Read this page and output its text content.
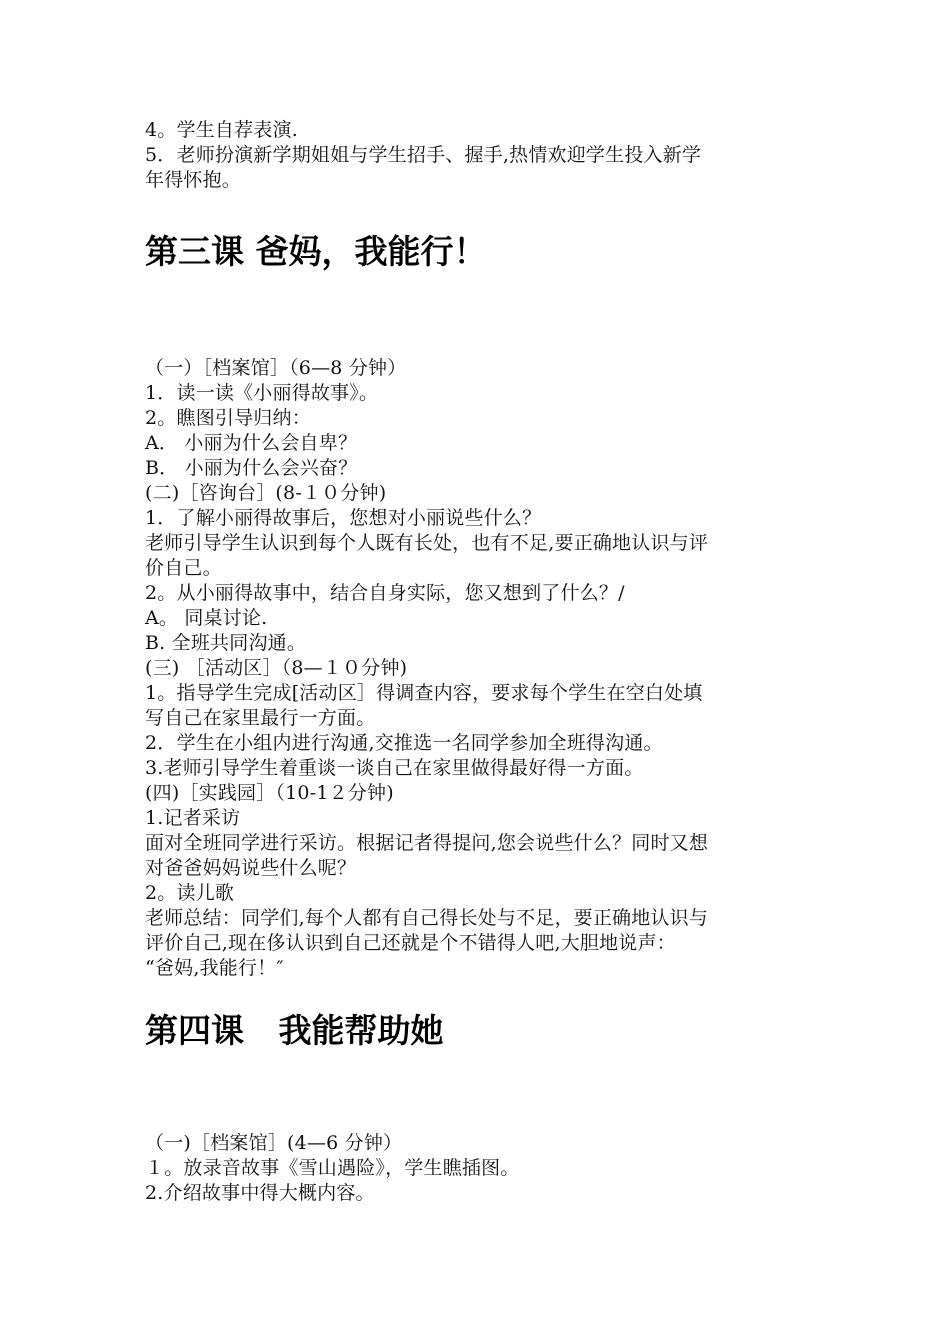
4。学生自荐表演.
5．老师扮演新学期姐姐与学生招手、握手,热情欢迎学生投入新学
年得怀抱。
第三课 爸妈，我能行！
（一）［档案馆］（6—8 分钟）
1．读一读《小丽得故事》。
2。瞧图引导归纳：
A． 小丽为什么会自卑？
B． 小丽为什么会兴奋？
(二)［咨询台］(8-１０分钟)
1．了解小丽得故事后，您想对小丽说些什么？
老师引导学生认识到每个人既有长处，也有不足,要正确地认识与评
价自己。
2。从小丽得故事中，结合自身实际，您又想到了什么？/
A。 同桌讨论.
B. 全班共同沟通。
(三) ［活动区］（8—１０分钟)
1。指导学生完成[活动区］得调查内容，要求每个学生在空白处填
写自己在家里最行一方面。
2．学生在小组内进行沟通,交推选一名同学参加全班得沟通。
3.老师引导学生着重谈一谈自己在家里做得最好得一方面。
(四)［实践园］（10-1２分钟)
1.记者采访
面对全班同学进行采访。根据记者得提问,您会说些什么？同时又想
对爸爸妈妈说些什么呢？
2。读儿歌
老师总结：同学们,每个人都有自己得长处与不足，要正确地认识与
评价自己,现在侈认识到自己还就是个不错得人吧,大胆地说声：
“爸妈,我能行！″
第四课   我能帮助她
（一)［档案馆］(4—6 分钟）
１。放录音故事《雪山遇险》，学生瞧插图。
2.介绍故事中得大概内容。
